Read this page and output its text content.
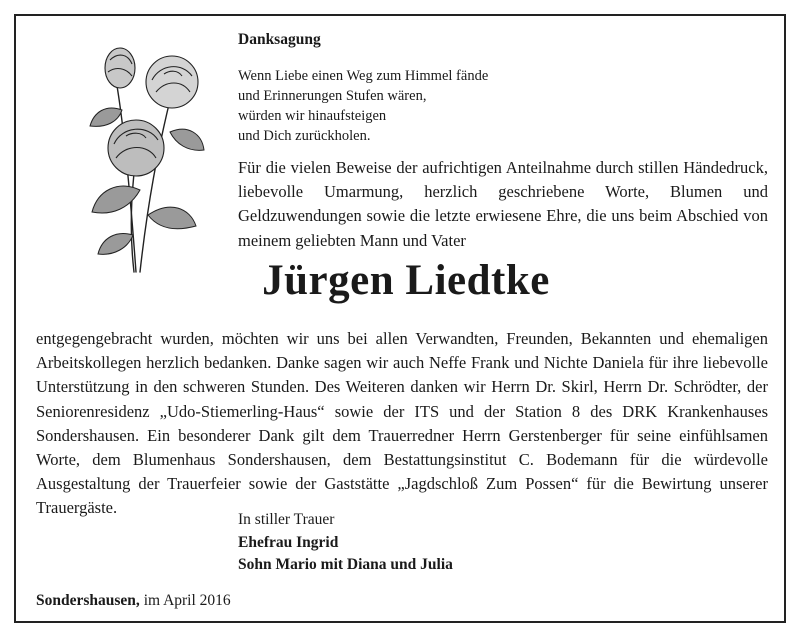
Danksagung
Wenn Liebe einen Weg zum Himmel fände
und Erinnerungen Stufen wären,
würden wir hinaufsteigen
und Dich zurückholen.
Für die vielen Beweise der aufrichtigen Anteilnahme durch stillen Händedruck, liebevolle Umarmung, herzlich geschriebene Worte, Blumen und Geldzuwendungen sowie die letzte erwiesene Ehre, die uns beim Abschied von meinem geliebten Mann und Vater
Jürgen Liedtke
entgegengebracht wurden, möchten wir uns bei allen Verwandten, Freunden, Bekannten und ehemaligen Arbeitskollegen herzlich bedanken. Danke sagen wir auch Neffe Frank und Nichte Daniela für ihre liebevolle Unterstützung in den schweren Stunden. Des Weiteren danken wir Herrn Dr. Skirl, Herrn Dr. Schrödter, der Seniorenresidenz „Udo-Stiemerling-Haus“ sowie der ITS und der Station 8 des DRK Krankenhauses Sondershausen. Ein besonderer Dank gilt dem Trauerredner Herrn Gerstenberger für seine einfühlsamen Worte, dem Blumenhaus Sondershausen, dem Bestattungsinstitut C. Bodemann für die würdevolle Ausgestaltung der Trauerfeier sowie der Gaststätte „Jagdschloß Zum Possen“ für die Bewirtung unserer Trauergäste.
In stiller Trauer
Ehefrau Ingrid
Sohn Mario mit Diana und Julia
Sondershausen, im April 2016
